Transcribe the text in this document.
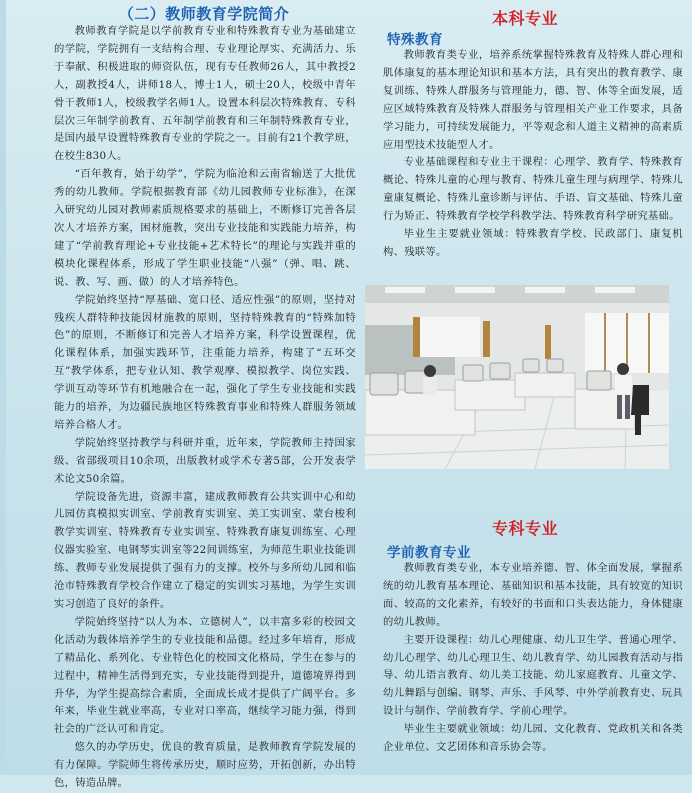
（二）教师教育学院简介

教师教育学院是以学前教育专业和特殊教育专业为基础建立的学院，学院拥有一支结构合理、专业理论厚实、充满活力、乐于奉献、积极进取的师资队伍，现有专任教师26人，其中教授2人，副教授4人，讲师18人，博士1人，硕士20人，校级中青年骨干教师1人，校级教学名师1人。设置本科层次特殊教育、专科层次三年制学前教育、五年制学前教育和三年制特殊教育专业，是国内最早设置特殊教育专业的学院之一。目前有21个教学班，在校生830人。

“百年教育，始于幼学”，学院为临沧和云南省输送了大批优秀的幼儿教师。学院根据教育部《幼儿园教师专业标准》，在深入研究幼儿园对教师素质规格要求的基础上，不断修订完善各层次人才培养方案，困材施教，突出专业技能和实践能力培养，构建了“学前教育理论+专业技能+艺术特长”的理论与实践并重的模块化课程体系，形成了学生职业技能“八强”（弹、唱、跳、说、教、写、画、做）的人才培养特色。

学院始终坚持“厚基础、宽口径、适应性强”的原则，坚持对残疾人群特种技能因材施教的原则，坚持特殊教育的“特殊加特色”的原则，不断修订和完善人才培养方案，科学设置课程，优化课程体系，加强实践环节，注重能力培养，构建了“五环交互”教学体系，把专业认知、教学观摩、模拟教学、岗位实践、学训互动等环节有机地融合在一起，强化了学生专业技能和实践能力的培养，为边疆民族地区特殊教育事业和特殊人群服务领域培养合格人才。

学院始终坚持教学与科研并重，近年来，学院教师主持国家级、省部级项目10余项，出版教材或学术专著5部，公开发表学术论文50余篇。

学院设备先进，资源丰富，建成教师教育公共实训中心和幼儿园仿真模拟实训室、学前教育实训室、美工实训室、蒙台梭利教学实训室、特殊教育专业实训室、特殊教育康复训练室、心理仪器实验室、电钢琴实训室等22间训练室，为师范生职业技能训练、教师专业发展提供了强有力的支撑。校外与多所幼儿园和临沧市特殊教育学校合作建立了稳定的实训实习基地，为学生实训实习创造了良好的条件。

学院始终坚持“以人为本、立德树人”，以丰富多彩的校园文化活动为载体培养学生的专业技能和品德。经过多年培育，形成了精品化、系列化、专业特色化的校园文化格局，学生在参与的过程中，精神生活得到充实，专业技能得到提升，道德境界得到升华，为学生提高综合素质，全面成长成才提供了广阔平台。多年来，毕业生就业率高，专业对口率高，继续学习能力强，得到社会的广泛认可和肯定。

悠久的办学历史，优良的教育质量，是教师教育学院发展的有力保障。学院师生将传承历史，顺时应势，开拓创新，办出特色，铸造品牌。

本科专业
特殊教育

教师教育类专业，培养系统掌握特殊教育及特殊人群心理和肌体康复的基本理论知识和基本方法，具有突出的教育教学、康复训练、特殊人群服务与管理能力，德、智、体等全面发展，适应区域特殊教育及特殊人群服务与管理相关产业工作要求，具备学习能力，可持续发展能力，平等观念和人道主义精神的高素质应用型技术技能型人才。

专业基础课程和专业主干课程：心理学、教育学、特殊教育概论、特殊儿童的心理与教育、特殊儿童生理与病理学、特殊儿童康复概论、特殊儿童诊断与评估、手语、盲文基础、特殊儿童行为矫正、特殊教育学校学科教学法、特殊教育科学研究基础。

毕业生主要就业领域：特殊教育学校、民政部门、康复机构、残联等。

专科专业
学前教育专业

教师教育类专业，本专业培养德、智、体全面发展，掌握系统的幼儿教育基本理论、基础知识和基本技能，具有较宽的知识面、较高的文化素养，有较好的书面和口头表达能力，身体健康的幼儿教师。

主要开设课程：幼儿心理健康、幼儿卫生学、普通心理学、幼儿心理学、幼儿心理卫生、幼儿教育学、幼儿园教育活动与指导、幼儿语言教育、幼儿美工技能、幼儿家庭教育、儿童文学、幼儿舞蹈与创编、钢琴、声乐、手风琴、中外学前教育史、玩具设计与制作、学前教育学、学前心理学。

毕业生主要就业领域：幼儿园、文化教育、党政机关和各类企业单位、文艺团体和音乐协会等。
